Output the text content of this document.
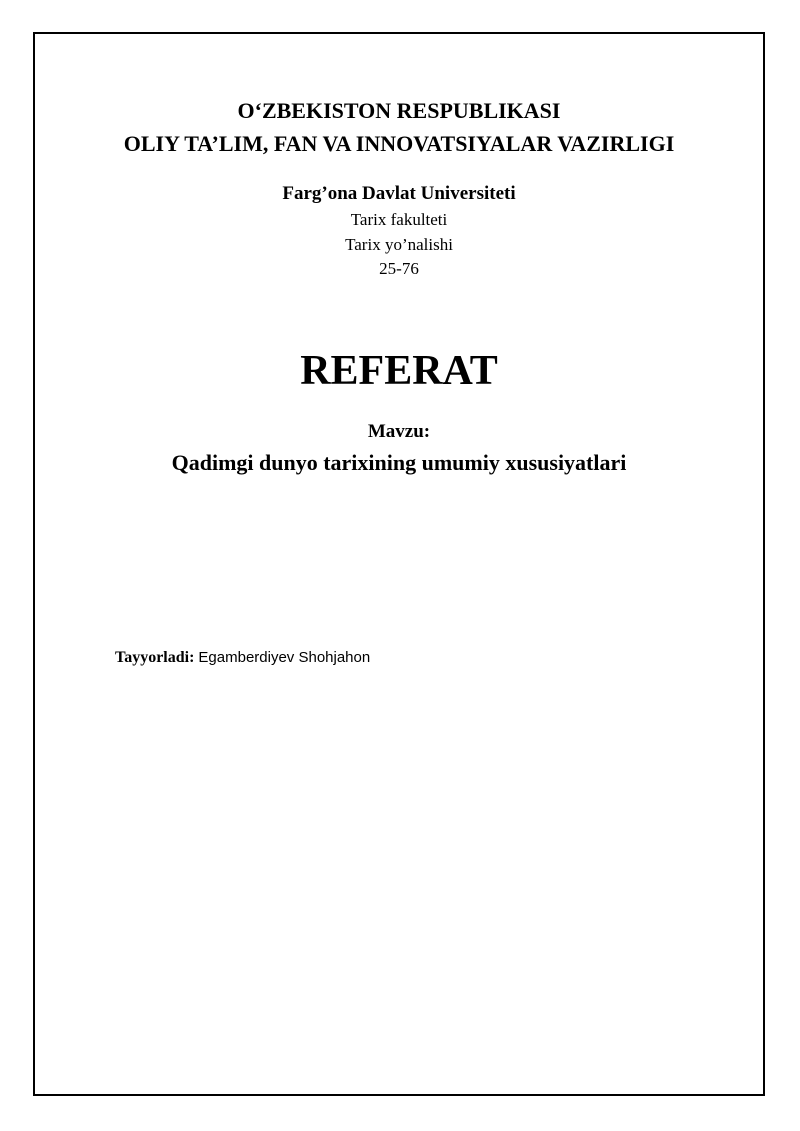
O‘ZBEKISTON RESPUBLIKASI
OLIY TA’LIM, FAN VA INNOVATSIYALAR VAZIRLIGI
Farg’ona Davlat Universiteti
Tarix fakulteti
Tarix yo’nalishi
25-76
REFERAT
Mavzu:
Qadimgi dunyo tarixining umumiy xususiyatlari
Tayyorladi: Egamberdiyev Shohjahon
